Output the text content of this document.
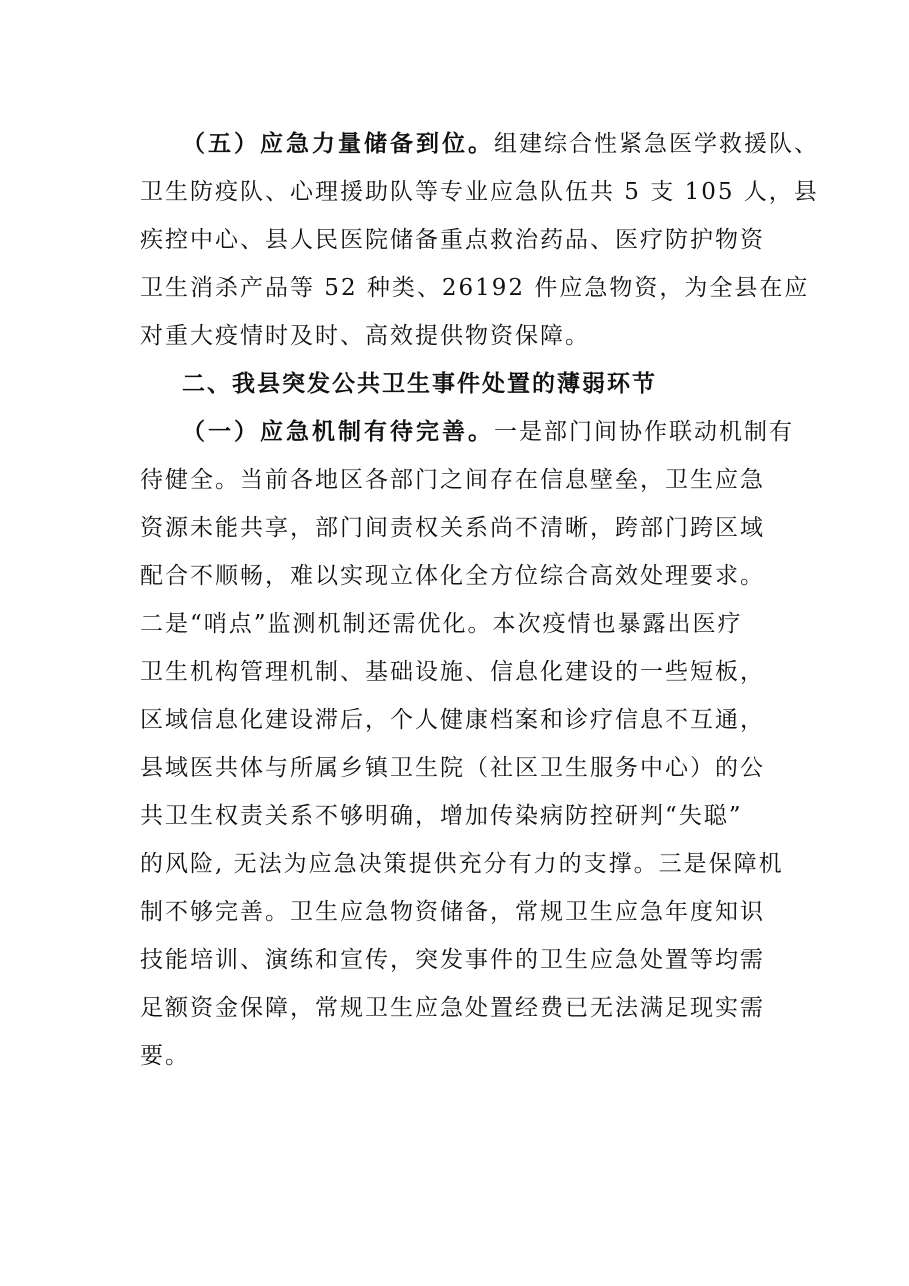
（五）应急力量储备到位。组建综合性紧急医学救援队、
卫生防疫队、心理援助队等专业应急队伍共 5 支 105 人，县
疾控中心、县人民医院储备重点救治药品、医疗防护物资
卫生消杀产品等 52 种类、26192 件应急物资，为全县在应
对重大疫情时及时、高效提供物资保障。
二、我县突发公共卫生事件处置的薄弱环节
（一）应急机制有待完善。一是部门间协作联动机制有
待健全。当前各地区各部门之间存在信息壁垒，卫生应急
资源未能共享，部门间责权关系尚不清晰，跨部门跨区域
配合不顺畅，难以实现立体化全方位综合高效处理要求。
二是“哨点”监测机制还需优化。本次疫情也暴露出医疗
卫生机构管理机制、基础设施、信息化建设的一些短板，
区域信息化建设滞后，个人健康档案和诊疗信息不互通，
县域医共体与所属乡镇卫生院（社区卫生服务中心）的公
共卫生权责关系不够明确，增加传染病防控研判“失聪”
的风险, 无法为应急决策提供充分有力的支撑。三是保障机
制不够完善。卫生应急物资储备，常规卫生应急年度知识
技能培训、演练和宣传，突发事件的卫生应急处置等均需
足额资金保障，常规卫生应急处置经费已无法满足现实需
要。
